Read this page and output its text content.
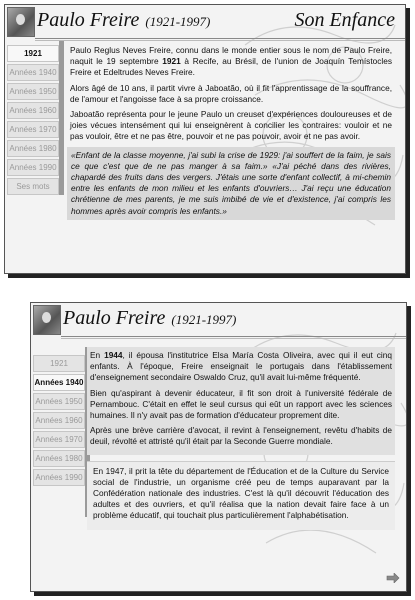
Paulo Freire (1921-1997)	Son Enfance
1921
Années 1940
Années 1950
Années 1960
Années 1970
Années 1980
Années 1990
Ses mots

Paulo Reglus Neves Freire, connu dans le monde entier sous le nom de Paulo Freire, naquit le 19 septembre 1921 à Recife, au Brésil, de l'union de Joaquín Temístocles Freire et Edeltrudes Neves Freire.

Alors âgé de 10 ans, il partit vivre à Jaboatão, où il fit l'apprentissage de la souffrance, de l'amour et l'angoisse face à sa propre croissance.

Jaboatão représenta pour le jeune Paulo un creuset d'expériences douloureuses et de joies vécues intensément qui lui enseignèrent à concilier les contraires: vouloir et ne pas vouloir, être et ne pas être, pouvoir et ne pas pouvoir, avoir et ne pas avoir.

«Enfant de la classe moyenne, j'ai subi la crise de 1929: j'ai souffert de la faim, je sais ce que c'est que de ne pas manger à sa faim.» «J'ai péché dans des rivières, chapardé des fruits dans des vergers. J'étais une sorte d'enfant collectif, à mi-chemin entre les enfants de mon milieu et les enfants d'ouvriers… J'ai reçu une éducation chrétienne de mes parents, je me suis imbibé de vie et d'existence, j'ai compris les hommes après avoir compris les enfants.»
Paulo Freire (1921-1997)
1921
Années 1940
Années 1950
Années 1960
Années 1970
Années 1980
Années 1990

En 1944, il épousa l'institutrice Elsa María Costa Oliveira, avec qui il eut cinq enfants. À l'époque, Freire enseignait le portugais dans l'établissement d'enseignement secondaire Oswaldo Cruz, qu'il avait lui-même fréquenté.

Bien qu'aspirant à devenir éducateur, il fit son droit à l'université fédérale de Pernambouc. C'était en effet le seul cursus qui eût un rapport avec les sciences humaines. Il n'y avait pas de formation d'éducateur proprement dite.

Après une brève carrière d'avocat, il revint à l'enseignement, revêtu d'habits de deuil, révolté et attristé qu'il était par la Seconde Guerre mondiale.

En 1947, il prit la tête du département de l'Éducation et de la Culture du Service social de l'industrie, un organisme créé peu de temps auparavant par la Confédération nationale des industries. C'est là qu'il découvrit l'éducation des adultes et des ouvriers, et qu'il réalisa que la nation devait faire face à un problème éducatif, qui touchait plus particulièrement l'alphabétisation.
